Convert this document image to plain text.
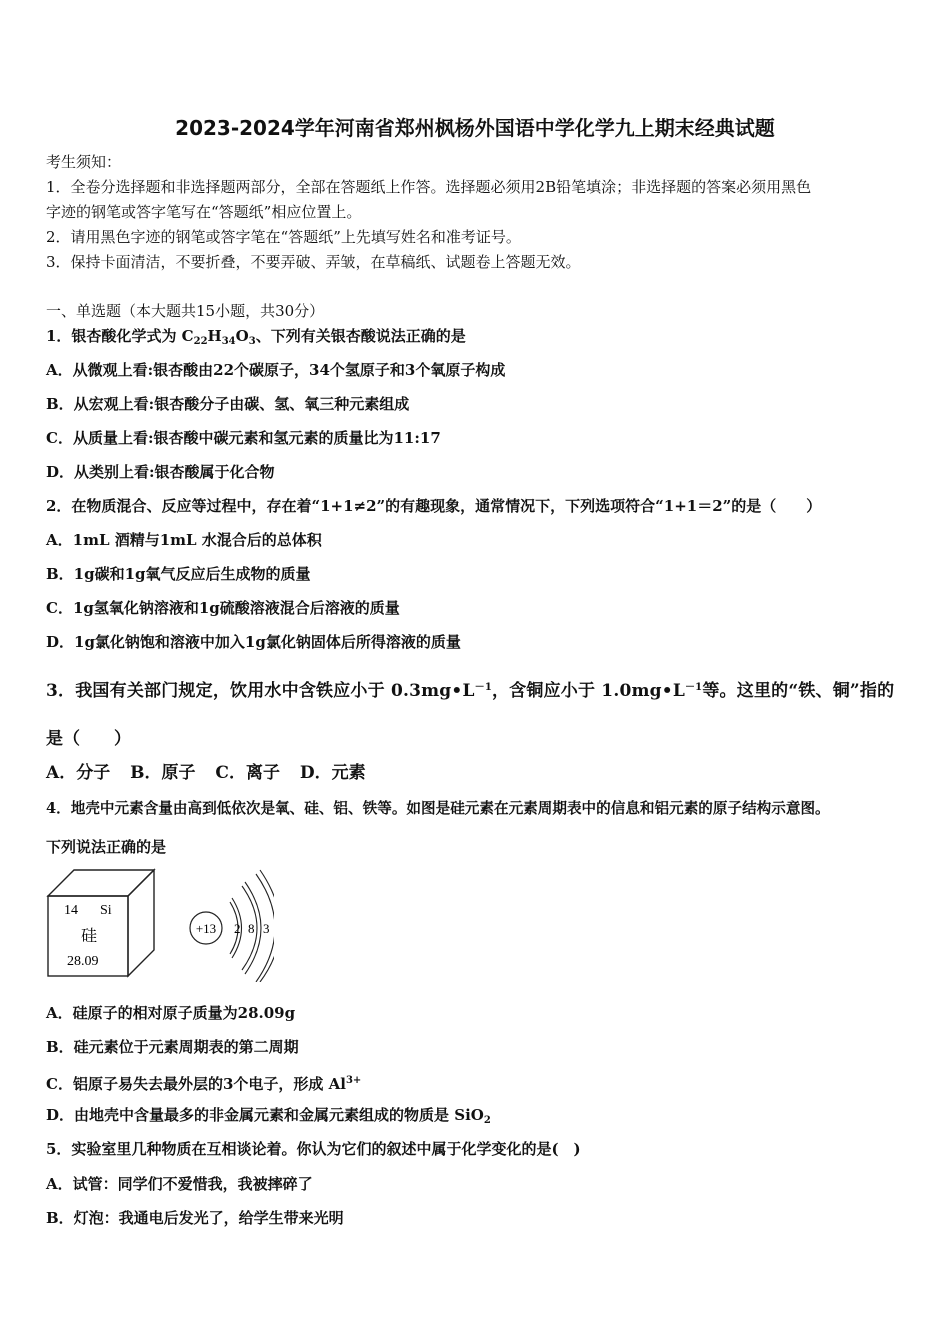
2023-2024学年河南省郑州枫杨外国语中学化学九上期末经典试题
考生须知：
1．全卷分选择题和非选择题两部分，全部在答题纸上作答。选择题必须用2B铅笔填涂；非选择题的答案必须用黑色
字迹的钢笔或答字笔写在“答题纸”相应位置上。
2．请用黑色字迹的钢笔或答字笔在“答题纸”上先填写姓名和准考证号。
3．保持卡面清洁，不要折叠，不要弄破、弄皱，在草稿纸、试题卷上答题无效。
一、单选题（本大题共15小题，共30分）
1．银杏酸化学式为 $C_{22}H_{34}O_3$、下列有关银杏酸说法正确的是
A．从微观上看:银杏酸由22个碳原子，34个氢原子和3个氧原子构成
B．从宏观上看:银杏酸分子由碳、氢、氧三种元素组成
C．从质量上看:银杏酸中碳元素和氢元素的质量比为11:17
D．从类别上看:银杏酸属于化合物
2．在物质混合、反应等过程中，存在着“1+1≠2”的有趣现象，通常情况下，下列选项符合“1+1＝2”的是（　　）
A．1mL 酒精与1mL 水混合后的总体积
B．1g碳和1g氧气反应后生成物的质量
C．1g氢氧化钠溶液和1g硫酸溶液混合后溶液的质量
D．1g氯化钠饱和溶液中加入1g氯化钠固体后所得溶液的质量
3．我国有关部门规定，饮用水中含铁应小于 $0.3mg•L^{-1}$，含铜应小于 $1.0mg•L^{-1}$等。这里的“铁、铜”指的
是（　　）
A．分子 B．原子 C．离子 D．元素
4．地壳中元素含量由高到低依次是氧、硅、铝、铁等。如图是硅元素在元素周期表中的信息和铝元素的原子结构示意图。
下列说法正确的是
14 Si
硅
28.09
+13 2 8 3
A．硅原子的相对原子质量为28.09g
B．硅元素位于元素周期表的第二周期
C．铝原子易失去最外层的3个电子，形成 $Al^{3+}$
D．由地壳中含量最多的非金属元素和金属元素组成的物质是 SiO$_2$
5．实验室里几种物质在互相谈论着。你认为它们的叙述中属于化学变化的是(　)
A．试管：同学们不爱惜我，我被摔碎了
B．灯泡：我通电后发光了，给学生带来光明
